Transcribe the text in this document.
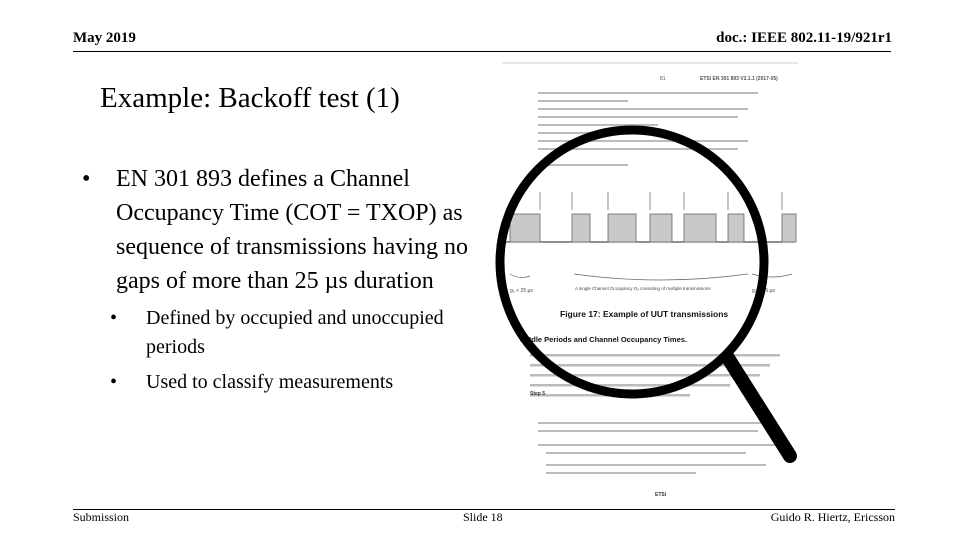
May 2019	doc.: IEEE 802.11-19/921r1
Example: Backoff test (1)
• EN 301 893 defines a Channel Occupancy Time (COT = TXOP) as sequence of transmissions having no gaps of more than 25 µs duration
• Defined by occupied and unoccupied periods
• Used to classify measurements
81	ETSI EN 301 893 V2.1.1 (2017-05)
g₀ < 25 µs	g₀ < 25 µs
A single Channel Occupancy Oₓ consisting of multiple transmissions
Figure 17: Example of UUT transmissions
of Idle Periods and Channel Occupancy Times.
Step 5
ETSI
Submission	Slide 18	Guido R. Hiertz, Ericsson
